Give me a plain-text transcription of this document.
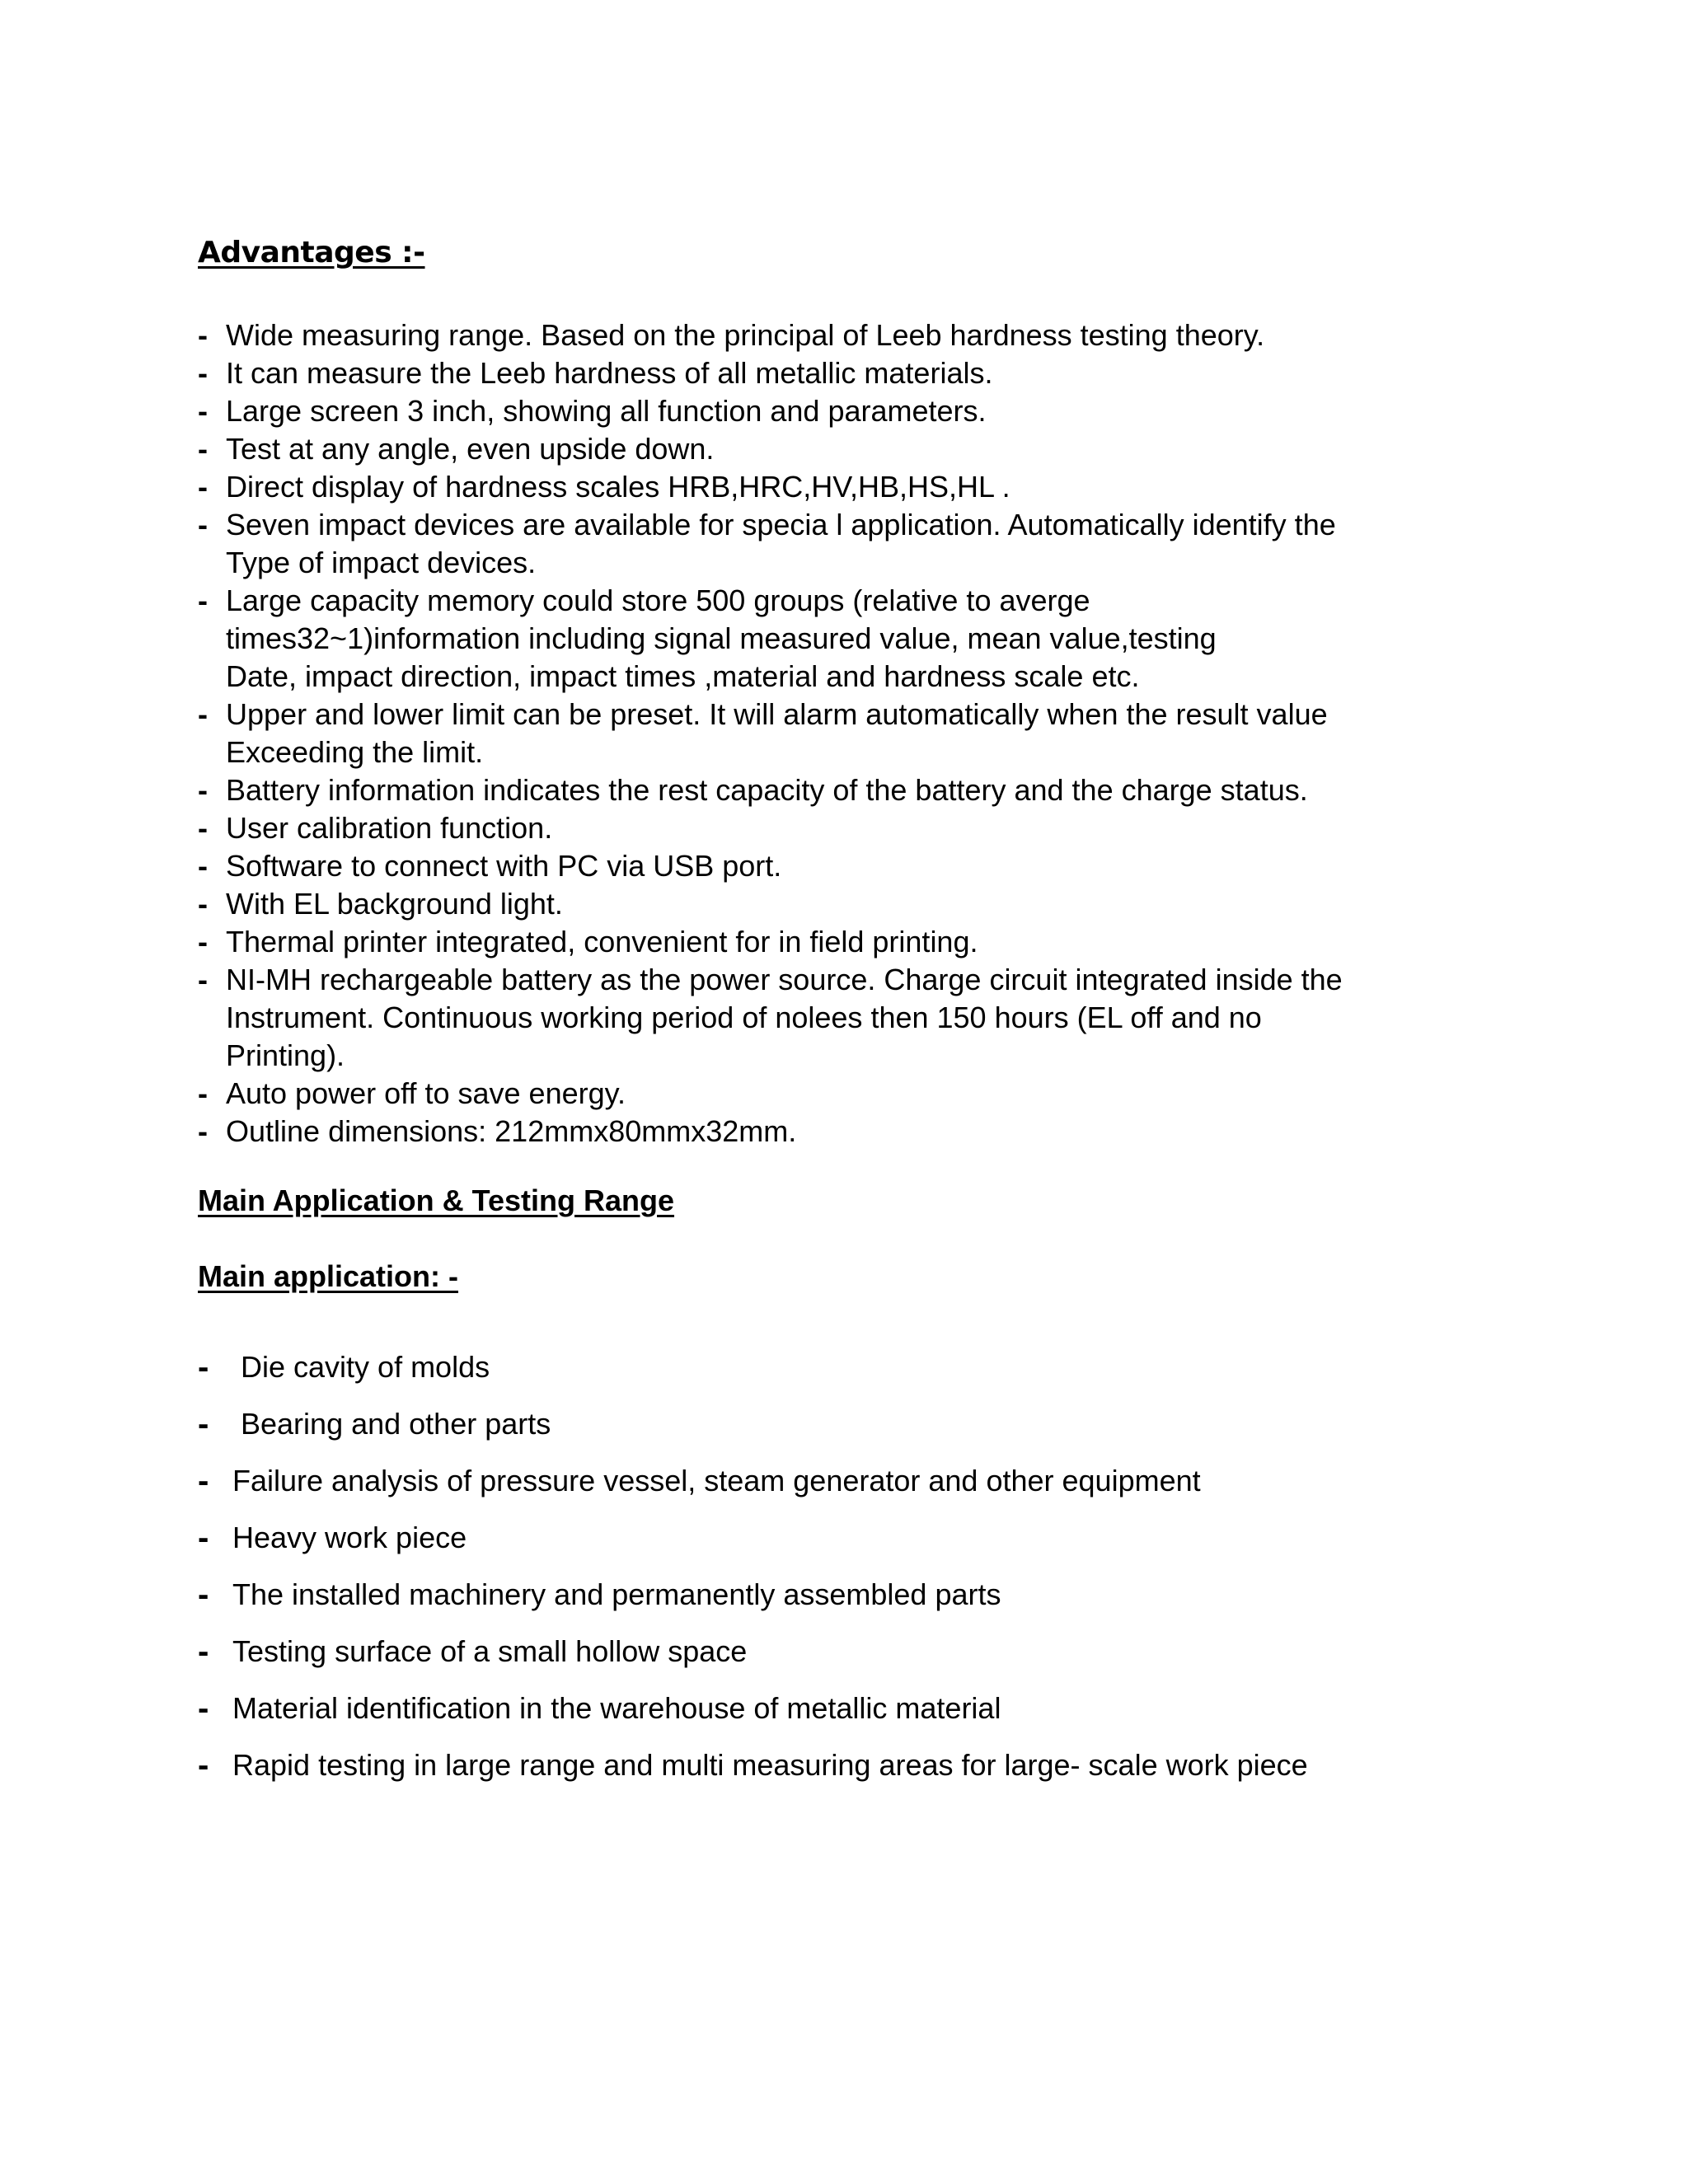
Advantages :-
- Wide measuring range. Based on the principal of Leeb hardness testing theory.
- It can measure the Leeb hardness of all metallic materials.
- Large screen 3 inch, showing all function and parameters.
- Test at any angle, even upside down.
- Direct display of hardness scales HRB,HRC,HV,HB,HS,HL .
- Seven impact devices are available for specia l application. Automatically identify the
Type of impact devices.
- Large capacity memory could store 500 groups (relative to averge
times32~1)information including signal measured value, mean value,testing
Date, impact direction, impact times ,material and hardness scale etc.
- Upper and lower limit can be preset. It will alarm automatically when the result value
Exceeding the limit.
- Battery information indicates the rest capacity of the battery and the charge status.
- User calibration function.
- Software to connect with PC via USB port.
- With EL background light.
- Thermal printer integrated, convenient for in field printing.
- NI-MH rechargeable battery as the power source. Charge circuit integrated inside the
Instrument. Continuous working period of nolees then 150 hours (EL off and no
Printing).
- Auto power off to save energy.
- Outline dimensions: 212mmx80mmx32mm.
Main Application & Testing Range
Main application: -
-	Die cavity of molds
-	Bearing and other parts
- Failure analysis of pressure vessel, steam generator and other equipment
- Heavy work piece
- The installed machinery and permanently assembled parts
- Testing surface of a small hollow space
- Material identification in the warehouse of metallic material
- Rapid testing in large range and multi measuring areas for large- scale work piece
